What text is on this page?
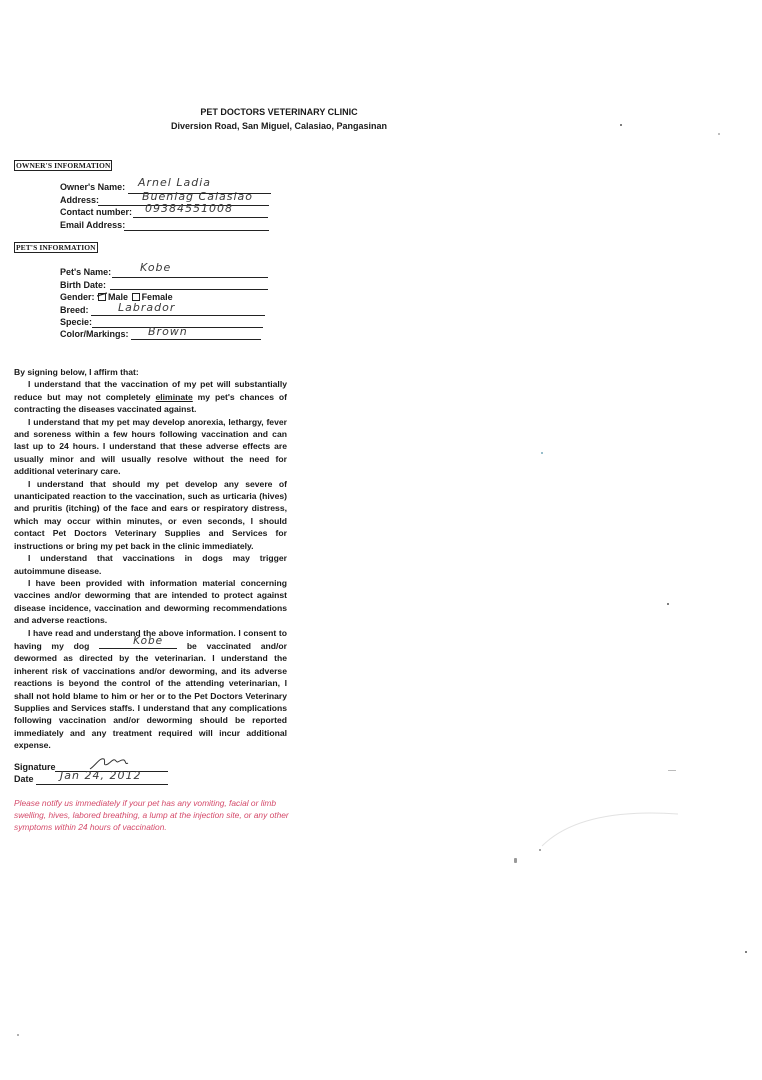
PET DOCTORS VETERINARY CLINIC
Diversion Road, San Miguel, Calasiao, Pangasinan
OWNER'S INFORMATION
Owner's Name: Arnel Ladia
Address:	Buenlag Calasiao
Contact number: 09384551008
Email Address:
PET'S INFORMATION
Pet's Name:	Kobe
Birth Date:
Gender: Male Female
Breed:	Labrador
Specie:
Color/Markings: Brown

By signing below, I affirm that:

I understand that the vaccination of my pet will substantially reduce but may not completely eliminate my pet's chances of contracting the diseases vaccinated against.

I understand that my pet may develop anorexia, lethargy, fever and soreness within a few hours following vaccination and can last up to 24 hours. I understand that these adverse effects are usually minor and will usually resolve without the need for additional veterinary care.

I understand that should my pet develop any severe of unanticipated reaction to the vaccination, such as urticaria (hives) and pruritis (itching) of the face and ears or respiratory distress, which may occur within minutes, or even seconds, I should contact Pet Doctors Veterinary Supplies and Services for instructions or bring my pet back in the clinic immediately.

I understand that vaccinations in dogs may trigger autoimmune disease.

I have been provided with information material concerning vaccines and/or deworming that are intended to protect against disease incidence, vaccination and deworming recommendations and adverse reactions.

I have read and understand the above information. I consent to having my dog	Kobe	be vaccinated and/or dewormed as directed by the veterinarian. I understand the inherent risk of vaccinations and/or deworming, and its adverse reactions is beyond the control of the attending veterinarian, I shall not hold blame to him or her or to the Pet Doctors Veterinary Supplies and Services staffs. I understand that any complications following vaccination and/or deworming should be reported immediately and any treatment required will incur additional expense.

Signature
Date Jan 24, 2012
Please notify us immediately if your pet has any vomiting, facial or limb swelling, hives, labored breathing, a lump at the injection site, or any other symptoms within 24 hours of vaccination.
